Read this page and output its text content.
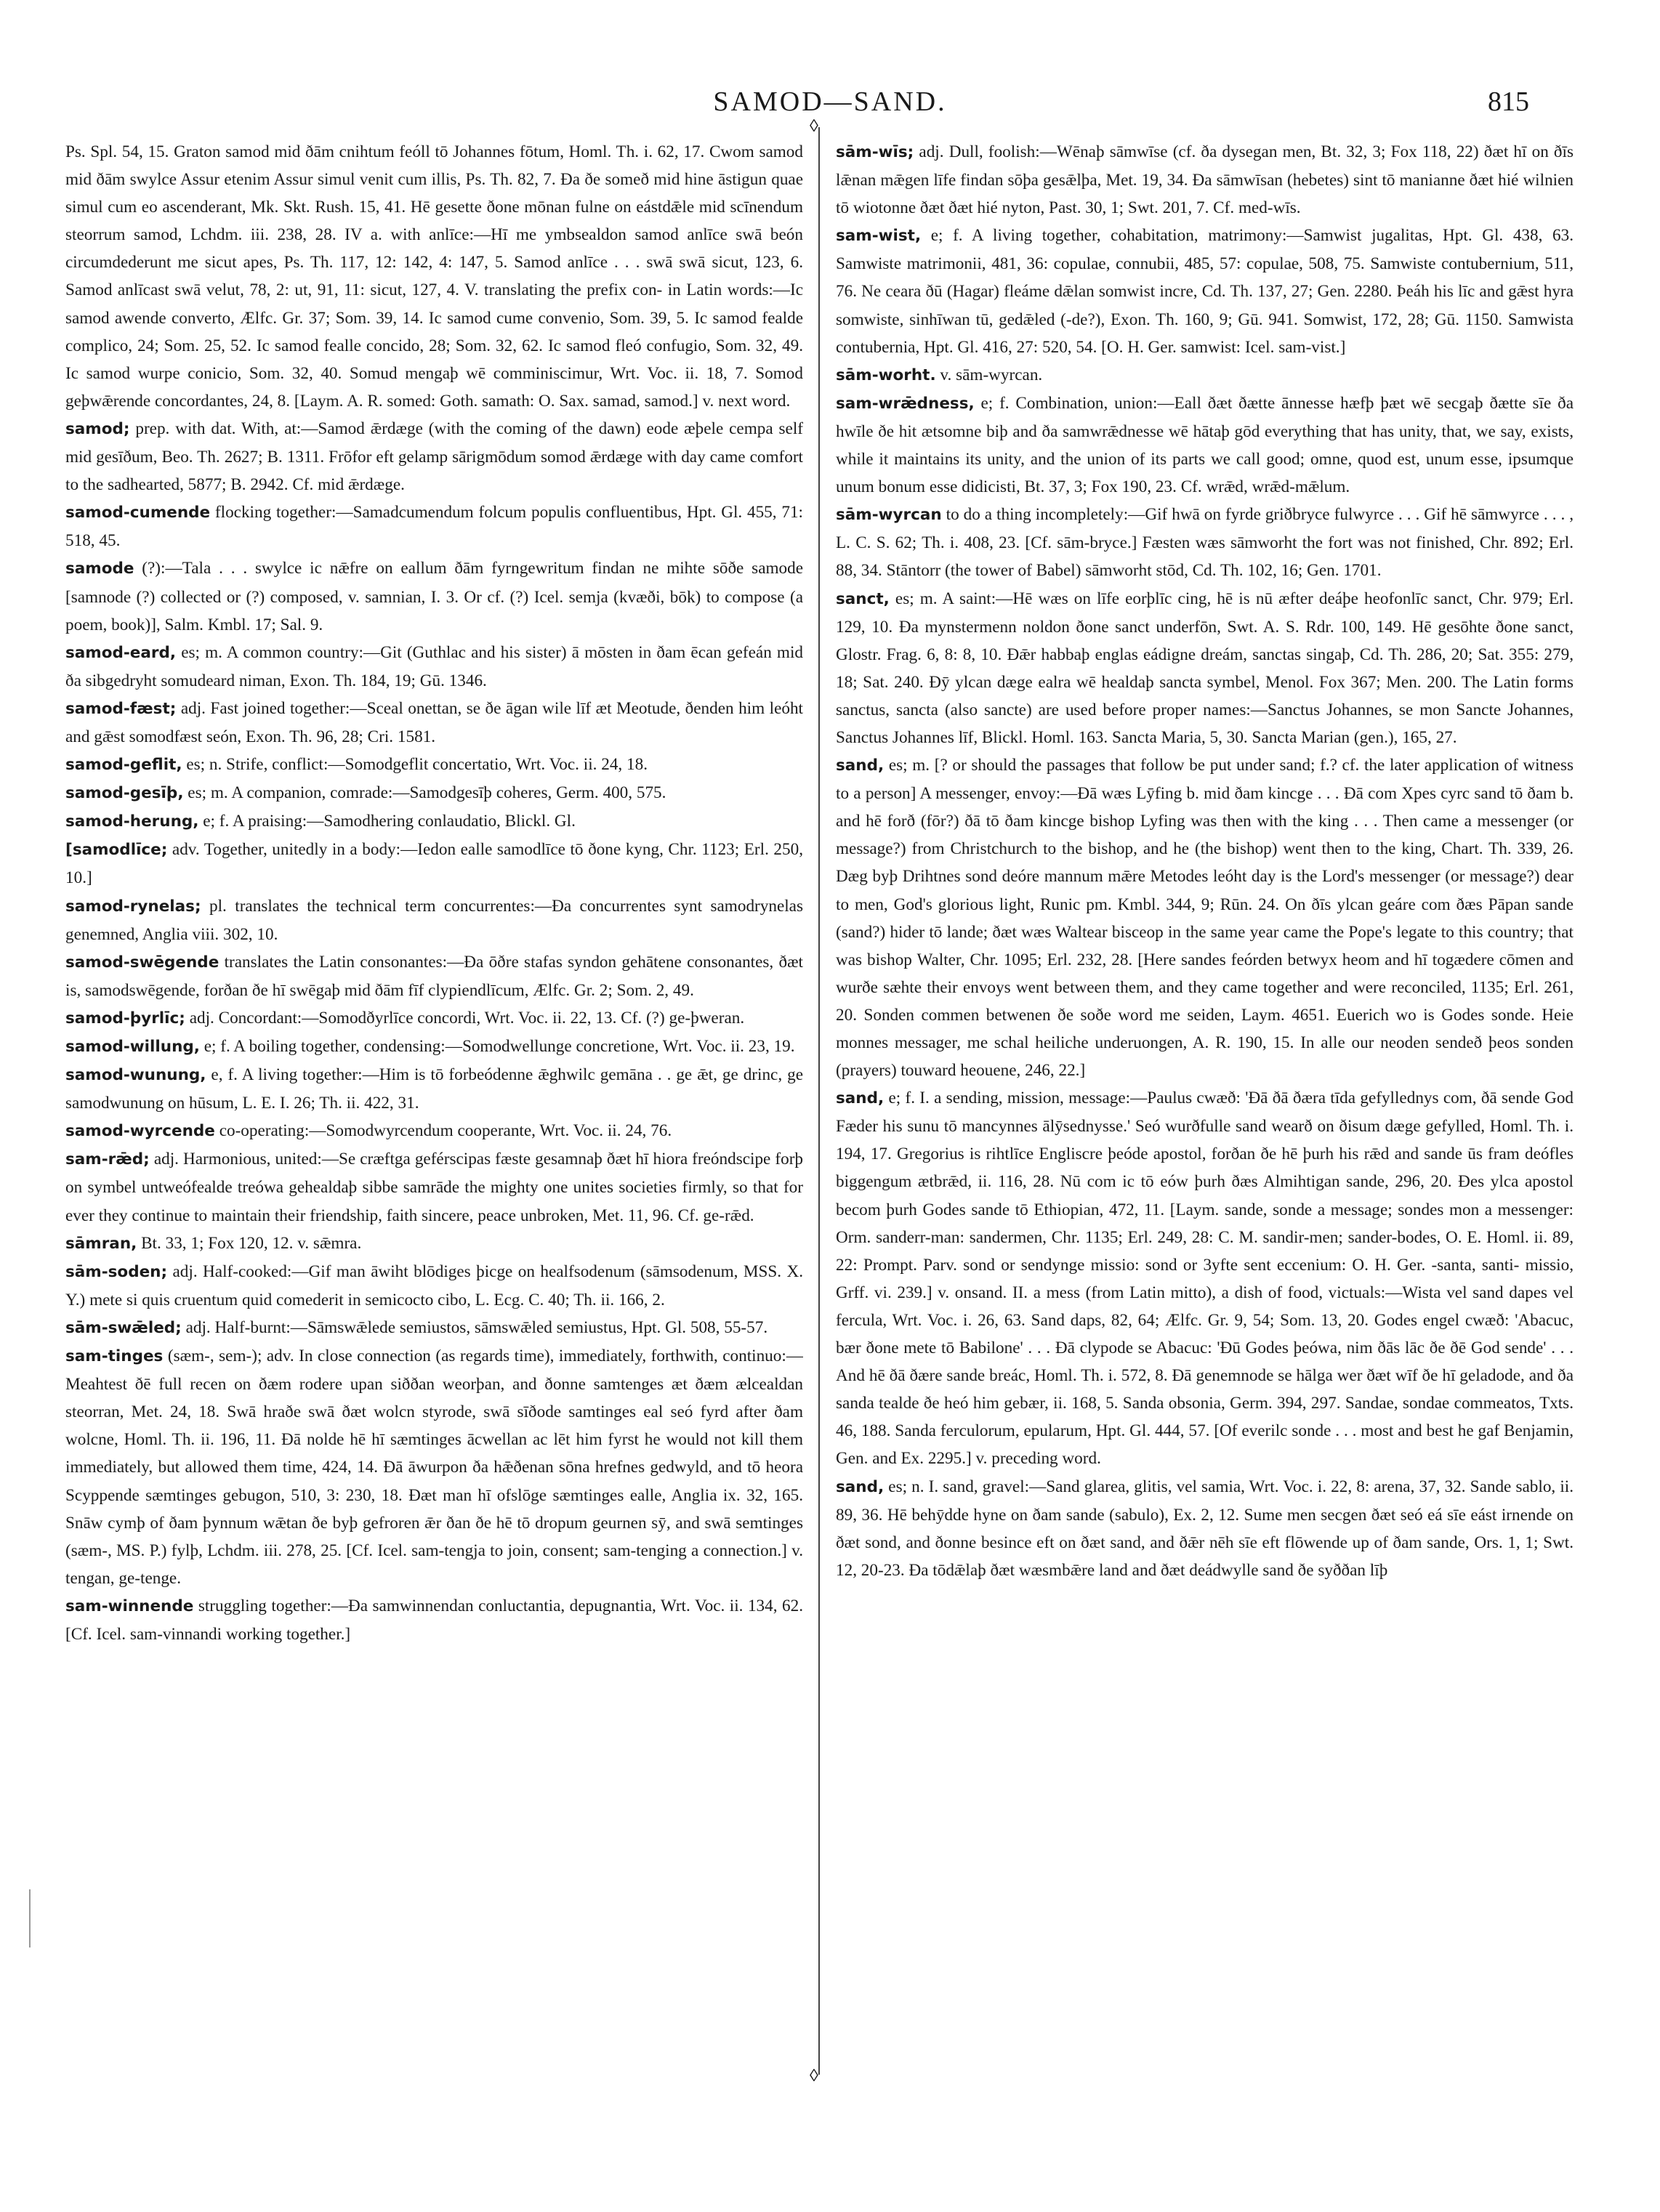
SAMOD—SAND.	815
◊
◊

Ps. Spl. 54, 15. Graton samod mid ðām cnihtum feóll tō Johannes fōtum, Homl. Th. i. 62, 17. Cwom samod mid ðām swylce Assur etenim Assur simul venit cum illis, Ps. Th. 82, 7. Ða ðe someð mid hine āstigun quae simul cum eo ascenderant, Mk. Skt. Rush. 15, 41. Hē gesette ðone mōnan fulne on eástdǣle mid scīnendum steorrum samod, Lchdm. iii. 238, 28. IV a. with anlīce:—Hī me ymbsealdon samod anlīce swā beón circumdederunt me sicut apes, Ps. Th. 117, 12: 142, 4: 147, 5. Samod anlīce . . . swā swā sicut, 123, 6. Samod anlīcast swā velut, 78, 2: ut, 91, 11: sicut, 127, 4. V. translating the prefix con- in Latin words:—Ic samod awende converto, Ælfc. Gr. 37; Som. 39, 14. Ic samod cume convenio, Som. 39, 5. Ic samod fealde complico, 24; Som. 25, 52. Ic samod fealle concido, 28; Som. 32, 62. Ic samod fleó confugio, Som. 32, 49. Ic samod wurpe conicio, Som. 32, 40. Somud mengaþ wē comminiscimur, Wrt. Voc. ii. 18, 7. Somod geþwǣrende concordantes, 24, 8. [Laym. A. R. somed: Goth. samath: O. Sax. samad, samod.] v. next word.

samod; prep. with dat. With, at:—Samod ǣrdæge (with the coming of the dawn) eode æþele cempa self mid gesīðum, Beo. Th. 2627; B. 1311. Frōfor eft gelamp sārigmōdum somod ǣrdæge with day came comfort to the sadhearted, 5877; B. 2942. Cf. mid ǣrdæge.

samod-cumende flocking together:—Samadcumendum folcum populis confluentibus, Hpt. Gl. 455, 71: 518, 45.

samode (?):—Tala . . . swylce ic nǣfre on eallum ðām fyrngewritum findan ne mihte sōðe samode [samnode (?) collected or (?) composed, v. samnian, I. 3. Or cf. (?) Icel. semja (kvæði, bōk) to compose (a poem, book)], Salm. Kmbl. 17; Sal. 9.

samod-eard, es; m. A common country:—Git (Guthlac and his sister) ā mōsten in ðam ēcan gefeán mid ða sibgedryht somudeard niman, Exon. Th. 184, 19; Gū. 1346.

samod-fæst; adj. Fast joined together:—Sceal onettan, se ðe āgan wile līf æt Meotude, ðenden him leóht and gǣst somodfæst seón, Exon. Th. 96, 28; Cri. 1581.

samod-geflit, es; n. Strife, conflict:—Somodgeflit concertatio, Wrt. Voc. ii. 24, 18.

samod-gesīþ, es; m. A companion, comrade:—Samodgesīþ coheres, Germ. 400, 575.

samod-herung, e; f. A praising:—Samodhering conlaudatio, Blickl. Gl.

[samodlīce; adv. Together, unitedly in a body:—Iedon ealle samodlīce tō ðone kyng, Chr. 1123; Erl. 250, 10.]

samod-rynelas; pl. translates the technical term concurrentes:—Ða concurrentes synt samodrynelas genemned, Anglia viii. 302, 10.

samod-swēgende translates the Latin consonantes:—Ða ōðre stafas syndon gehātene consonantes, ðæt is, samodswēgende, forðan ðe hī swēgaþ mid ðām fīf clypiendlīcum, Ælfc. Gr. 2; Som. 2, 49.

samod-þyrlīc; adj. Concordant:—Somodðyrlīce concordi, Wrt. Voc. ii. 22, 13. Cf. (?) ge-þweran.

samod-willung, e; f. A boiling together, condensing:—Somodwellunge concretione, Wrt. Voc. ii. 23, 19.

samod-wunung, e, f. A living together:—Him is tō forbeódenne ǣghwilc gemāna . . ge ǣt, ge drinc, ge samodwunung on hūsum, L. E. I. 26; Th. ii. 422, 31.

samod-wyrcende co-operating:—Somodwyrcendum cooperante, Wrt. Voc. ii. 24, 76.

sam-rǣd; adj. Harmonious, united:—Se cræftga geférscipas fæste gesamnaþ ðæt hī hiora freóndscipe forþ on symbel untweófealde treówa gehealdaþ sibbe samrāde the mighty one unites societies firmly, so that for ever they continue to maintain their friendship, faith sincere, peace unbroken, Met. 11, 96. Cf. ge-rǣd.

sāmran, Bt. 33, 1; Fox 120, 12. v. sǣmra.

sām-soden; adj. Half-cooked:—Gif man āwiht blōdiges þicge on healfsodenum (sāmsodenum, MSS. X. Y.) mete si quis cruentum quid comederit in semicocto cibo, L. Ecg. C. 40; Th. ii. 166, 2.

sām-swǣled; adj. Half-burnt:—Sāmswǣlede semiustos, sāmswǣled semiustus, Hpt. Gl. 508, 55-57.

sam-tinges (sæm-, sem-); adv. In close connection (as regards time), immediately, forthwith, continuo:—Meahtest ðē full recen on ðæm rodere upan siððan weorþan, and ðonne samtenges æt ðæm ælcealdan steorran, Met. 24, 18. Swā hraðe swā ðæt wolcn styrode, swā sīðode samtinges eal seó fyrd after ðam wolcne, Homl. Th. ii. 196, 11. Ðā nolde hē hī sæmtinges ācwellan ac lēt him fyrst he would not kill them immediately, but allowed them time, 424, 14. Ðā āwurpon ða hǣðenan sōna hrefnes gedwyld, and tō heora Scyppende sæmtinges gebugon, 510, 3: 230, 18. Ðæt man hī ofslōge sæmtinges ealle, Anglia ix. 32, 165. Snāw cymþ of ðam þynnum wǣtan ðe byþ gefroren ǣr ðan ðe hē tō dropum geurnen sȳ, and swā semtinges (sæm-, MS. P.) fylþ, Lchdm. iii. 278, 25. [Cf. Icel. sam-tengja to join, consent; sam-tenging a connection.] v. tengan, ge-tenge.

sam-winnende struggling together:—Ða samwinnendan conluctantia, depugnantia, Wrt. Voc. ii. 134, 62. [Cf. Icel. sam-vinnandi working together.]

sām-wīs; adj. Dull, foolish:—Wēnaþ sāmwīse (cf. ða dysegan men, Bt. 32, 3; Fox 118, 22) ðæt hī on ðīs lǣnan mǣgen līfe findan sōþa gesǣlþa, Met. 19, 34. Ða sāmwīsan (hebetes) sint tō manianne ðæt hié wilnien tō wiotonne ðæt ðæt hié nyton, Past. 30, 1; Swt. 201, 7. Cf. med-wīs.

sam-wist, e; f. A living together, cohabitation, matrimony:—Samwist jugalitas, Hpt. Gl. 438, 63. Samwiste matrimonii, 481, 36: copulae, connubii, 485, 57: copulae, 508, 75. Samwiste contubernium, 511, 76. Ne ceara ðū (Hagar) fleáme dǣlan somwist incre, Cd. Th. 137, 27; Gen. 2280. Þeáh his līc and gǣst hyra somwiste, sinhīwan tū, gedǣled (-de?), Exon. Th. 160, 9; Gū. 941. Somwist, 172, 28; Gū. 1150. Samwista contubernia, Hpt. Gl. 416, 27: 520, 54. [O. H. Ger. samwist: Icel. sam-vist.]

sām-worht. v. sām-wyrcan.

sam-wrǣdness, e; f. Combination, union:—Eall ðæt ðætte ānnesse hæfþ þæt wē secgaþ ðætte sīe ða hwīle ðe hit ætsomne biþ and ða samwrǣdnesse wē hātaþ gōd everything that has unity, that, we say, exists, while it maintains its unity, and the union of its parts we call good; omne, quod est, unum esse, ipsumque unum bonum esse didicisti, Bt. 37, 3; Fox 190, 23. Cf. wrǣd, wrǣd-mǣlum.

sām-wyrcan to do a thing incompletely:—Gif hwā on fyrde griðbryce fulwyrce . . . Gif hē sāmwyrce . . . , L. C. S. 62; Th. i. 408, 23. [Cf. sām-bryce.] Fæsten wæs sāmworht the fort was not finished, Chr. 892; Erl. 88, 34. Stāntorr (the tower of Babel) sāmworht stōd, Cd. Th. 102, 16; Gen. 1701.

sanct, es; m. A saint:—Hē wæs on līfe eorþlīc cing, hē is nū æfter deáþe heofonlīc sanct, Chr. 979; Erl. 129, 10. Ða mynstermenn noldon ðone sanct underfōn, Swt. A. S. Rdr. 100, 149. Hē gesōhte ðone sanct, Glostr. Frag. 6, 8: 8, 10. Ðǣr habbaþ englas eádigne dreám, sanctas singaþ, Cd. Th. 286, 20; Sat. 355: 279, 18; Sat. 240. Ðȳ ylcan dæge ealra wē healdaþ sancta symbel, Menol. Fox 367; Men. 200. The Latin forms sanctus, sancta (also sancte) are used before proper names:—Sanctus Johannes, se mon Sancte Johannes, Sanctus Johannes līf, Blickl. Homl. 163. Sancta Maria, 5, 30. Sancta Marian (gen.), 165, 27.

sand, es; m. [? or should the passages that follow be put under sand; f.? cf. the later application of witness to a person] A messenger, envoy:—Ðā wæs Lȳfing b. mid ðam kincge . . . Ðā com Xpes cyrc sand tō ðam b. and hē forð (fōr?) ðā tō ðam kincge bishop Lyfing was then with the king . . . Then came a messenger (or message?) from Christchurch to the bishop, and he (the bishop) went then to the king, Chart. Th. 339, 26. Dæg byþ Drihtnes sond deóre mannum mǣre Metodes leóht day is the Lord's messenger (or message?) dear to men, God's glorious light, Runic pm. Kmbl. 344, 9; Rūn. 24. On ðīs ylcan geáre com ðæs Pāpan sande (sand?) hider tō lande; ðæt wæs Waltear bisceop in the same year came the Pope's legate to this country; that was bishop Walter, Chr. 1095; Erl. 232, 28. [Here sandes feórden betwyx heom and hī togædere cōmen and wurðe sæhte their envoys went between them, and they came together and were reconciled, 1135; Erl. 261, 20. Sonden commen betwenen ðe soðe word me seiden, Laym. 4651. Euerich wo is Godes sonde. Heie monnes messager, me schal heiliche underuongen, A. R. 190, 15. In alle our neoden sendeð þeos sonden (prayers) touward heouene, 246, 22.]

sand, e; f. I. a sending, mission, message:—Paulus cwæð: 'Ðā ðā ðæra tīda gefyllednys com, ðā sende God Fæder his sunu tō mancynnes ālȳsednysse.' Seó wurðfulle sand wearð on ðisum dæge gefylled, Homl. Th. i. 194, 17. Gregorius is rihtlīce Engliscre þeóde apostol, forðan ðe hē þurh his rǣd and sande ūs fram deófles biggengum ætbrǣd, ii. 116, 28. Nū com ic tō eów þurh ðæs Almihtigan sande, 296, 20. Ðes ylca apostol becom þurh Godes sande tō Ethiopian, 472, 11. [Laym. sande, sonde a message; sondes mon a messenger: Orm. sanderr-man: sandermen, Chr. 1135; Erl. 249, 28: C. M. sandir-men; sander-bodes, O. E. Homl. ii. 89, 22: Prompt. Parv. sond or sendynge missio: sond or 3yfte sent eccenium: O. H. Ger. -santa, santi- missio, Grff. vi. 239.] v. onsand. II. a mess (from Latin mitto), a dish of food, victuals:—Wista vel sand dapes vel fercula, Wrt. Voc. i. 26, 63. Sand daps, 82, 64; Ælfc. Gr. 9, 54; Som. 13, 20. Godes engel cwæð: 'Abacuc, bær ðone mete tō Babilone' . . . Ðā clypode se Abacuc: 'Ðū Godes þeówa, nim ðās lāc ðe ðē God sende' . . . And hē ðā ðære sande breác, Homl. Th. i. 572, 8. Ðā genemnode se hālga wer ðæt wīf ðe hī geladode, and ða sanda tealde ðe heó him gebær, ii. 168, 5. Sanda obsonia, Germ. 394, 297. Sandae, sondae commeatos, Txts. 46, 188. Sanda ferculorum, epularum, Hpt. Gl. 444, 57. [Of everilc sonde . . . most and best he gaf Benjamin, Gen. and Ex. 2295.] v. preceding word.

sand, es; n. I. sand, gravel:—Sand glarea, glitis, vel samia, Wrt. Voc. i. 22, 8: arena, 37, 32. Sande sablo, ii. 89, 36. Hē behȳdde hyne on ðam sande (sabulo), Ex. 2, 12. Sume men secgen ðæt seó eá sīe eást irnende on ðæt sond, and ðonne besince eft on ðæt sand, and ðǣr nēh sīe eft flōwende up of ðam sande, Ors. 1, 1; Swt. 12, 20-23. Ða tōdǣlaþ ðæt wæsmbǣre land and ðæt deádwylle sand ðe syððan līþ
